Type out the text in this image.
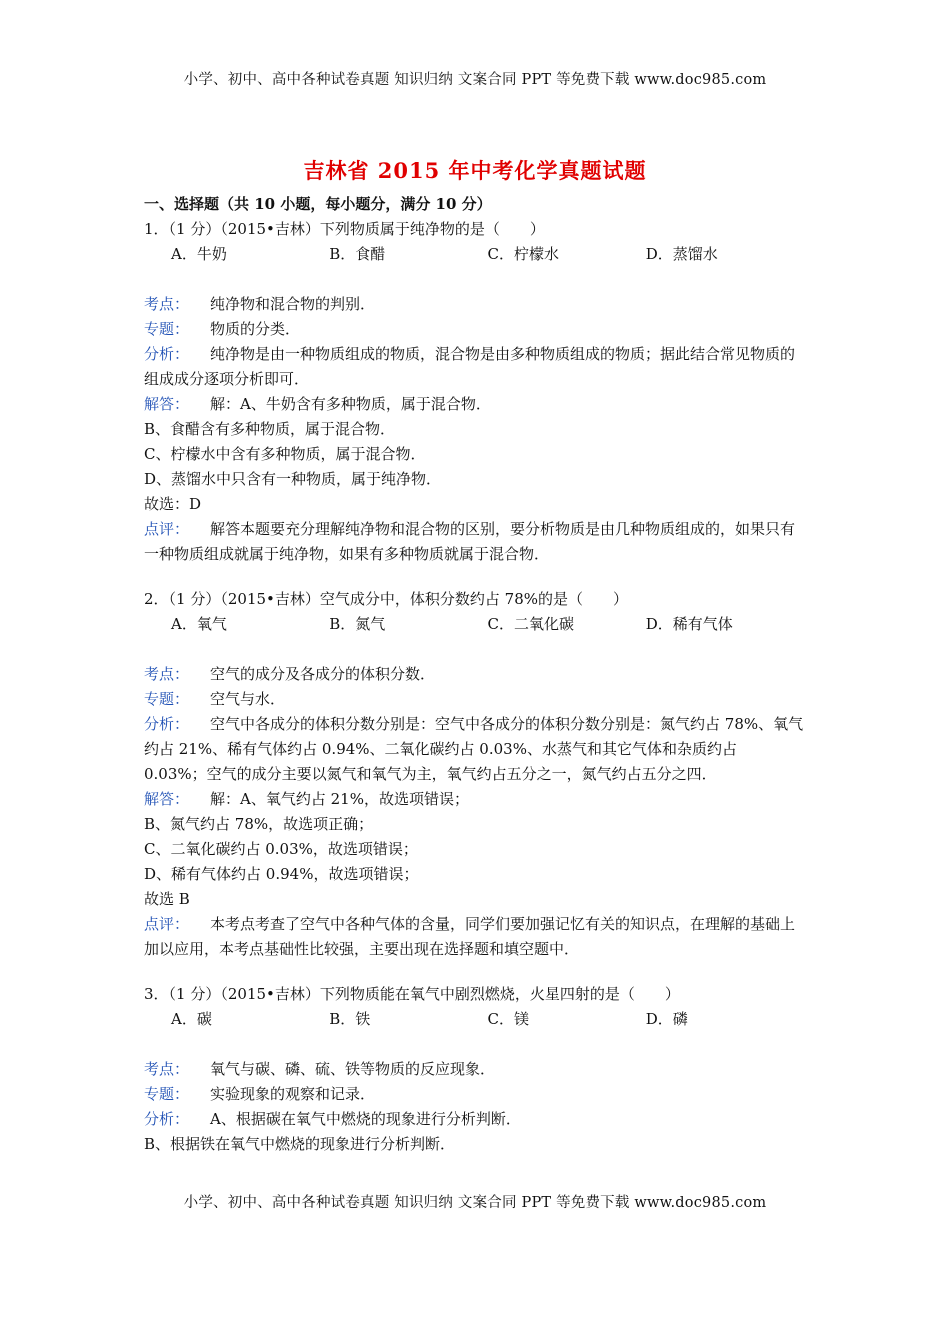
小学、初中、高中各种试卷真题 知识归纳 文案合同 PPT 等免费下载 www.doc985.com
吉林省 2015 年中考化学真题试题
一、选择题（共 10 小题，每小题分，满分 10 分）
1．（1 分）（2015•吉林）下列物质属于纯净物的是（　　）
A．牛奶	B．食醋	C．柠檬水	D．蒸馏水
考点：	纯净物和混合物的判别．
专题：	物质的分类．
分析： 纯净物是由一种物质组成的物质，混合物是由多种物质组成的物质；据此结合常见物质的组成成分逐项分析即可．
解答：	解：A、牛奶含有多种物质，属于混合物．
B、食醋含有多种物质，属于混合物．
C、柠檬水中含有多种物质，属于混合物．
D、蒸馏水中只含有一种物质，属于纯净物．
故选：D
点评： 解答本题要充分理解纯净物和混合物的区别，要分析物质是由几种物质组成的，如果只有一种物质组成就属于纯净物，如果有多种物质就属于混合物．
2．（1 分）（2015•吉林）空气成分中，体积分数约占 78%的是（　　）
A．氧气	B．氮气	C．二氧化碳	D．稀有气体
考点：	空气的成分及各成分的体积分数．
专题：	空气与水．
分析： 空气中各成分的体积分数分别是：空气中各成分的体积分数分别是：氮气约占 78%、氧气约占 21%、稀有气体约占 0.94%、二氧化碳约占 0.03%、水蒸气和其它气体和杂质约占 0.03%；空气的成分主要以氮气和氧气为主，氧气约占五分之一，氮气约占五分之四．
解答：	解：A、氧气约占 21%，故选项错误；
B、氮气约占 78%，故选项正确；
C、二氧化碳约占 0.03%，故选项错误；
D、稀有气体约占 0.94%，故选项错误；
故选 B
点评： 本考点考查了空气中各种气体的含量，同学们要加强记忆有关的知识点，在理解的基础上加以应用，本考点基础性比较强，主要出现在选择题和填空题中．
3．（1 分）（2015•吉林）下列物质能在氧气中剧烈燃烧，火星四射的是（　　）
A．碳	B．铁	C．镁	D．磷
考点：	氧气与碳、磷、硫、铁等物质的反应现象．
专题：	实验现象的观察和记录．
分析：	A、根据碳在氧气中燃烧的现象进行分析判断．
B、根据铁在氧气中燃烧的现象进行分析判断．
小学、初中、高中各种试卷真题 知识归纳 文案合同 PPT 等免费下载 www.doc985.com
